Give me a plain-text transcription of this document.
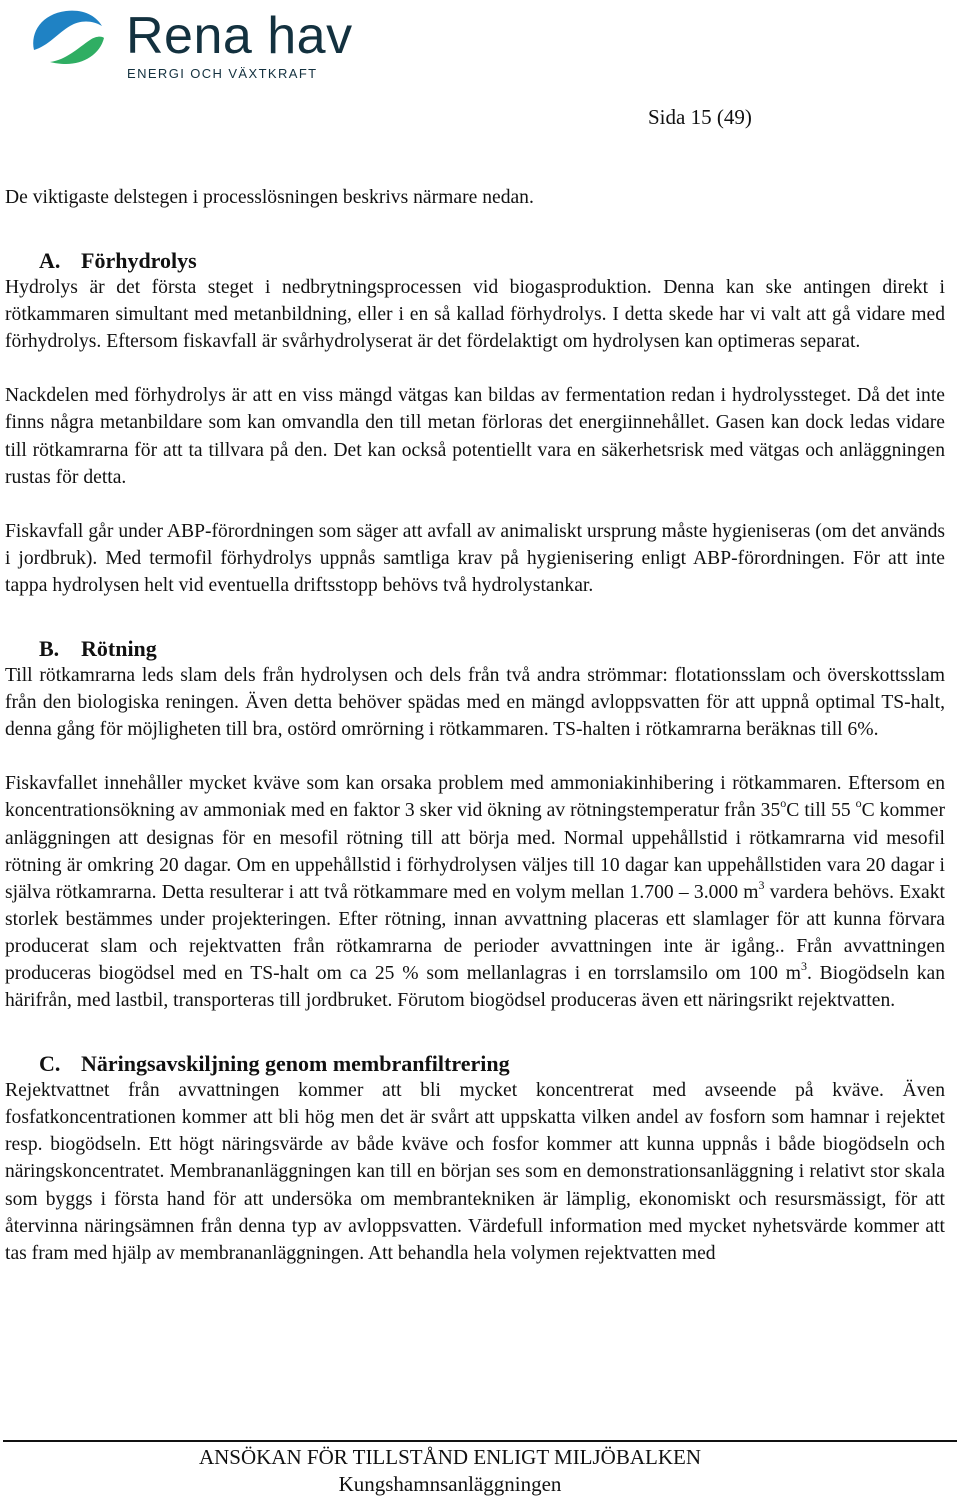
Rena hav
ENERGI OCH VÄXTKRAFT
Sida 15 (49)

De viktigaste delstegen i processlösningen beskrivs närmare nedan.

A. Förhydrolys

Hydrolys är det första steget i nedbrytningsprocessen vid biogasproduktion. Denna kan ske antingen direkt i rötkammaren simultant med metanbildning, eller i en så kallad förhydrolys. I detta skede har vi valt att gå vidare med förhydrolys. Eftersom fiskavfall är svårhydrolyserat är det fördelaktigt om hydrolysen kan optimeras separat.

Nackdelen med förhydrolys är att en viss mängd vätgas kan bildas av fermentation redan i hydrolyssteget. Då det inte finns några metanbildare som kan omvandla den till metan förloras det energiinnehållet. Gasen kan dock ledas vidare till rötkamrarna för att ta tillvara på den. Det kan också potentiellt vara en säkerhetsrisk med vätgas och anläggningen rustas för detta.

Fiskavfall går under ABP-förordningen som säger att avfall av animaliskt ursprung måste hygieniseras (om det används i jordbruk). Med termofil förhydrolys uppnås samtliga krav på hygienisering enligt ABP-förordningen. För att inte tappa hydrolysen helt vid eventuella driftsstopp behövs två hydrolystankar.

B. Rötning

Till rötkamrarna leds slam dels från hydrolysen och dels från två andra strömmar: flotationsslam och överskottsslam från den biologiska reningen. Även detta behöver spädas med en mängd avloppsvatten för att uppnå optimal TS-halt, denna gång för möjligheten till bra, ostörd omrörning i rötkammaren. TS-halten i rötkamrarna beräknas till 6%.

Fiskavfallet innehåller mycket kväve som kan orsaka problem med ammoniakinhibering i rötkammaren. Eftersom en koncentrationsökning av ammoniak med en faktor 3 sker vid ökning av rötningstemperatur från 35$^o$C till 55 $^o$C kommer anläggningen att designas för en mesofil rötning till att börja med. Normal uppehållstid i rötkamrarna vid mesofil rötning är omkring 20 dagar. Om en uppehållstid i förhydrolysen väljes till 10 dagar kan uppehållstiden vara 20 dagar i själva rötkamrarna. Detta resulterar i att två rötkammare med en volym mellan 1.700 – 3.000 $m^3$ vardera behövs. Exakt storlek bestämmes under projekteringen. Efter rötning, innan avvattning placeras ett slamlager för att kunna förvara producerat slam och rejektvatten från rötkamrarna de perioder avvattningen inte är igång.. Från avvattningen produceras biogödsel med en TS-halt om ca 25 % som mellanlagras i en torrslamsilo om 100 $m^3$. Biogödseln kan härifrån, med lastbil, transporteras till jordbruket. Förutom biogödsel produceras även ett näringsrikt rejektvatten.

C. Näringsavskiljning genom membranfiltrering

Rejektvattnet från avvattningen kommer att bli mycket koncentrerat med avseende på kväve. Även fosfatkoncentrationen kommer att bli hög men det är svårt att uppskatta vilken andel av fosforn som hamnar i rejektet resp. biogödseln. Ett högt näringsvärde av både kväve och fosfor kommer att kunna uppnås i både biogödseln och näringskoncentratet. Membrananläggningen kan till en början ses som en demonstrationsanläggning i relativt stor skala som byggs i första hand för att undersöka om membrantekniken är lämplig, ekonomiskt och resursmässigt, för att återvinna näringsämnen från denna typ av avloppsvatten. Värdefull information med mycket nyhetsvärde kommer att tas fram med hjälp av membrananläggningen. Att behandla hela volymen rejektvatten med

ANSÖKAN FÖR TILLSTÅND ENLIGT MILJÖBALKEN
Kungshamnsanläggningen
